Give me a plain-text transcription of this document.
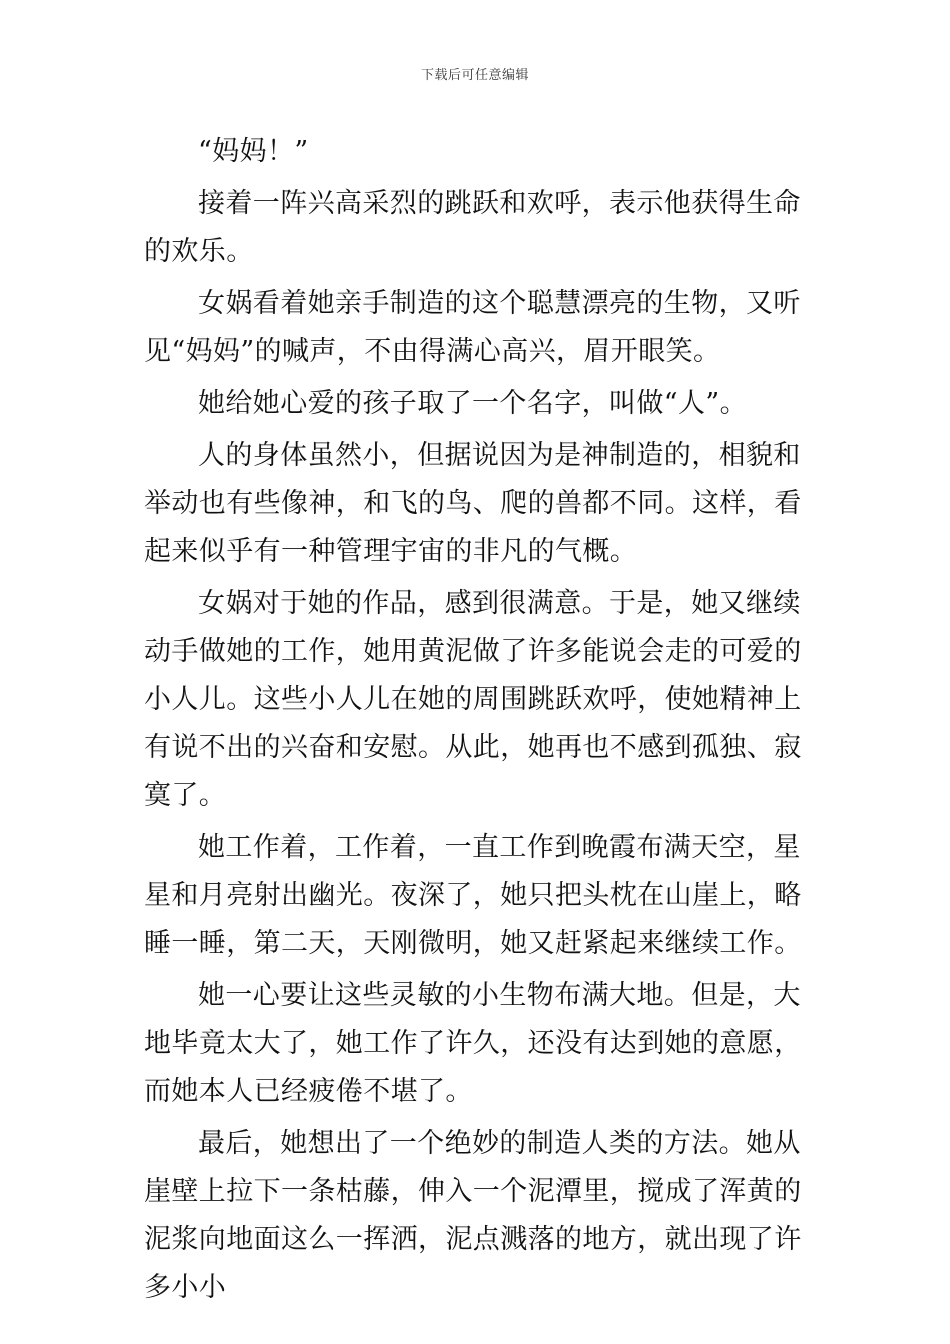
下载后可任意编辑

“妈妈！”

接着一阵兴高采烈的跳跃和欢呼，表示他获得生命的欢乐。

女娲看着她亲手制造的这个聪慧漂亮的生物，又听见“妈妈”的喊声，不由得满心高兴，眉开眼笑。

她给她心爱的孩子取了一个名字，叫做“人”。

人的身体虽然小，但据说因为是神制造的，相貌和举动也有些像神，和飞的鸟、爬的兽都不同。这样，看起来似乎有一种管理宇宙的非凡的气概。

女娲对于她的作品，感到很满意。于是，她又继续动手做她的工作，她用黄泥做了许多能说会走的可爱的小人儿。这些小人儿在她的周围跳跃欢呼，使她精神上有说不出的兴奋和安慰。从此，她再也不感到孤独、寂寞了。

她工作着，工作着，一直工作到晚霞布满天空，星星和月亮射出幽光。夜深了，她只把头枕在山崖上，略睡一睡，第二天，天刚微明，她又赶紧起来继续工作。

她一心要让这些灵敏的小生物布满大地。但是，大地毕竟太大了，她工作了许久，还没有达到她的意愿，而她本人已经疲倦不堪了。

最后，她想出了一个绝妙的制造人类的方法。她从崖壁上拉下一条枯藤，伸入一个泥潭里，搅成了浑黄的泥浆向地面这么一挥洒，泥点溅落的地方，就出现了许多小小
